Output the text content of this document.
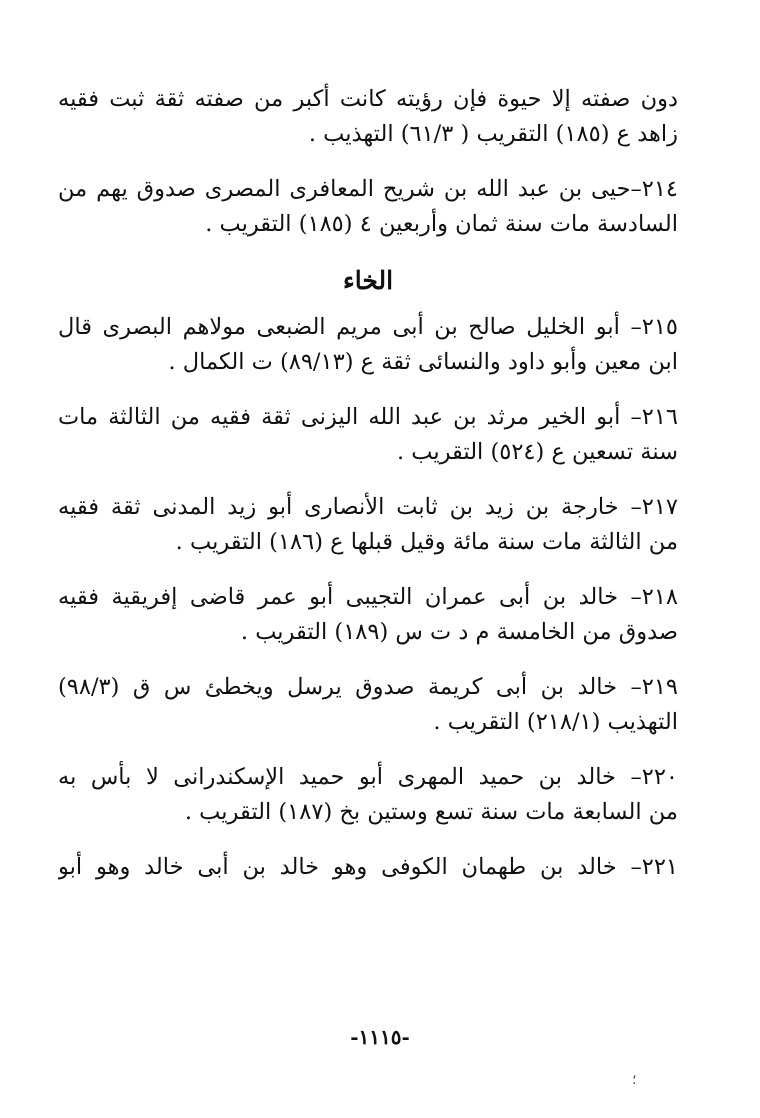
دون صفته إلا حيوة فإن رؤيته كانت أكبر من صفته ثقة ثبت فقيه
زاهد ع (١٨٥) التقريب ( ٦١/٣) التهذيب .
٢١٤–حيى بن عبد الله بن شريح المعافرى المصرى صدوق يهم من
السادسة مات سنة ثمان وأربعين ٤ (١٨٥) التقريب .
الخاء
٢١٥– أبو الخليل صالح بن أبى مريم الضبعى مولاهم البصرى قال
ابن معين وأبو داود والنسائى ثقة ع (٨٩/١٣) ت الكمال .
٢١٦– أبو الخير مرثد بن عبد الله اليزنى ثقة فقيه من الثالثة مات
سنة تسعين ع (٥٢٤) التقريب .
٢١٧– خارجة بن زيد بن ثابت الأنصارى أبو زيد المدنى ثقة فقيه
من الثالثة مات سنة مائة وقيل قبلها ع (١٨٦) التقريب .
٢١٨– خالد بن أبى عمران التجيبى أبو عمر قاضى إفريقية فقيه
صدوق من الخامسة م د ت س (١٨٩) التقريب .
٢١٩– خالد بن أبى كريمة صدوق يرسل ويخطئ س ق (٩٨/٣)
التهذيب (٢١٨/١) التقريب .
٢٢٠– خالد بن حميد المهرى أبو حميد الإسكندرانى لا بأس به
من السابعة مات سنة تسع وستين بخ (١٨٧) التقريب .
٢٢١– خالد بن طهمان الكوفى وهو خالد بن أبى خالد وهو أبو
-١١١٥-
؛
